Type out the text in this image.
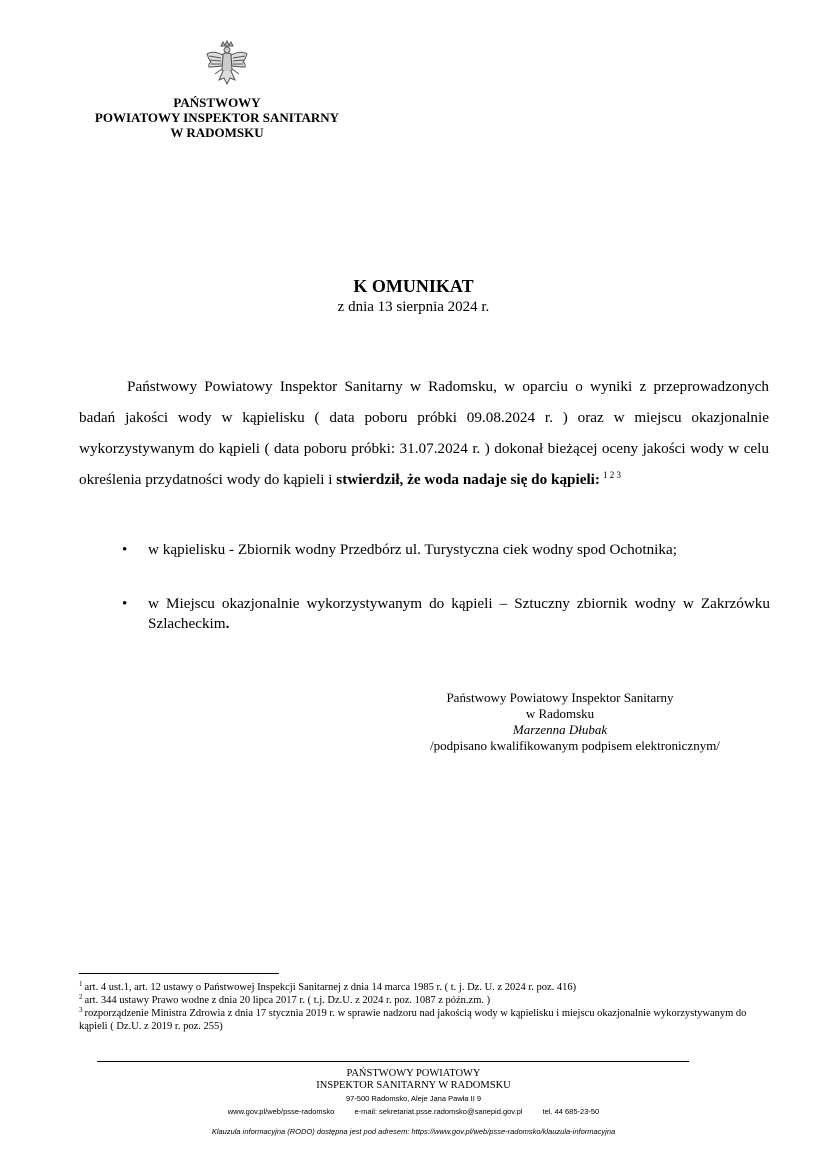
PAŃSTWOWY
POWIATOWY INSPEKTOR SANITARNY
W RADOMSKU
K OMUNIKAT
z dnia 13 sierpnia 2024 r.

Państwowy Powiatowy Inspektor Sanitarny w Radomsku, w oparciu o wyniki z przeprowadzonych badań jakości wody w kąpielisku ( data poboru próbki 09.08.2024 r. ) oraz w miejscu okazjonalnie wykorzystywanym do kąpieli ( data poboru próbki: 31.07.2024 r. ) dokonał bieżącej oceny jakości wody w celu określenia przydatności wody do kąpieli i stwierdził, że woda nadaje się do kąpieli: $^{1 2 3}$

• w kąpielisku - Zbiornik wodny Przedbórz ul. Turystyczna ciek wodny spod Ochotnika;
• w Miejscu okazjonalnie wykorzystywanym do kąpieli – Sztuczny zbiornik wodny w Zakrzówku Szlacheckim.
Państwowy Powiatowy Inspektor Sanitarny
w Radomsku
Marzenna Dłubak
/podpisano kwalifikowanym podpisem elektronicznym/

$^1$ art. 4 ust.1, art. 12 ustawy o Państwowej Inspekcji Sanitarnej z dnia 14 marca 1985 r. ( t. j. Dz. U. z 2024 r. poz. 416)

$^2$ art. 344 ustawy Prawo wodne z dnia 20 lipca 2017 r. ( t.j. Dz.U. z 2024 r. poz. 1087 z późn.zm. )

$^3$ rozporządzenie Ministra Zdrowia z dnia 17 stycznia 2019 r. w sprawie nadzoru nad jakością wody w kąpielisku i miejscu okazjonalnie wykorzystywanym do kąpieli ( Dz.U. z 2019 r. poz. 255)

PAŃSTWOWY POWIATOWY
INSPEKTOR SANITARNY W RADOMSKU
97-500 Radomsko, Aleje Jana Pawła II 9
www.gov.pl/web/psse-radomsko	e-mail: sekretariat.psse.radomsko@sanepid.gov.pl	tel. 44 685-23-50
Klauzula informacyjna (RODO) dostępna jest pod adresem: https://www.gov.pl/web/psse-radomsko/klauzula-informacyjna
